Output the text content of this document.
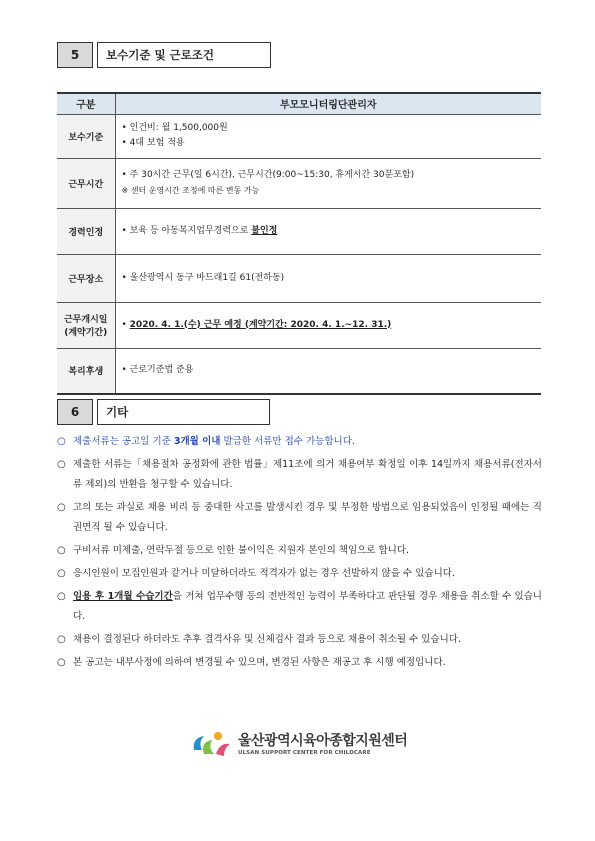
5	보수기준 및 근로조건
구분	부모모니터링단관리자
보수기준	• 인건비: 월 1,500,000원
• 4대 보험 적용

근무시간	• 주 30시간 근무(일 6시간), 근무시간(9:00~15:30, 휴게시간 30분포함)
※ 센터 운영시간 조정에 따른 변동 가능

경력인정	• 보육 등 아동복지업무경력으로 불인정
근무장소	• 울산광역시 동구 바드래1길 61(전하동)

근무개시일
(계약기간)	• 2020. 4. 1.(수) 근무 예정 (계약기간: 2020. 4. 1.~12. 31.)
복리후생	• 근로기준법 준용
6	기타
○ 제출서류는 공고일 기준 3개월 이내 발급한 서류만 접수 가능합니다.
○ 제출한 서류는「채용절차 공정화에 관한 법률」제11조에 의거 채용여부 확정일 이후 14일까지 채용서류(전자서류 제외)의 반환을 청구할 수 있습니다.
○ 고의 또는 과실로 채용 비리 등 중대한 사고를 발생시킨 경우 및 부정한 방법으로 임용되었음이 인정될 때에는 직권면직 될 수 있습니다.
○ 구비서류 미제출, 연락두절 등으로 인한 불이익은 지원자 본인의 책임으로 합니다.
○ 응시인원이 모집인원과 같거나 미달하더라도 적격자가 없는 경우 선발하지 않을 수 있습니다.
○ 임용 후 1개월 수습기간을 거쳐 업무수행 등의 전반적인 능력이 부족하다고 판단될 경우 채용을 취소할 수 있습니다.
○ 채용이 결정된다 하더라도 추후 결격사유 및 신체검사 결과 등으로 채용이 취소될 수 있습니다.
○ 본 공고는 내부사정에 의하여 변경될 수 있으며, 변경된 사항은 재공고 후 시행 예정입니다.
울산광역시육아종합지원센터
ULSAN SUPPORT CENTER FOR CHILDCARE
